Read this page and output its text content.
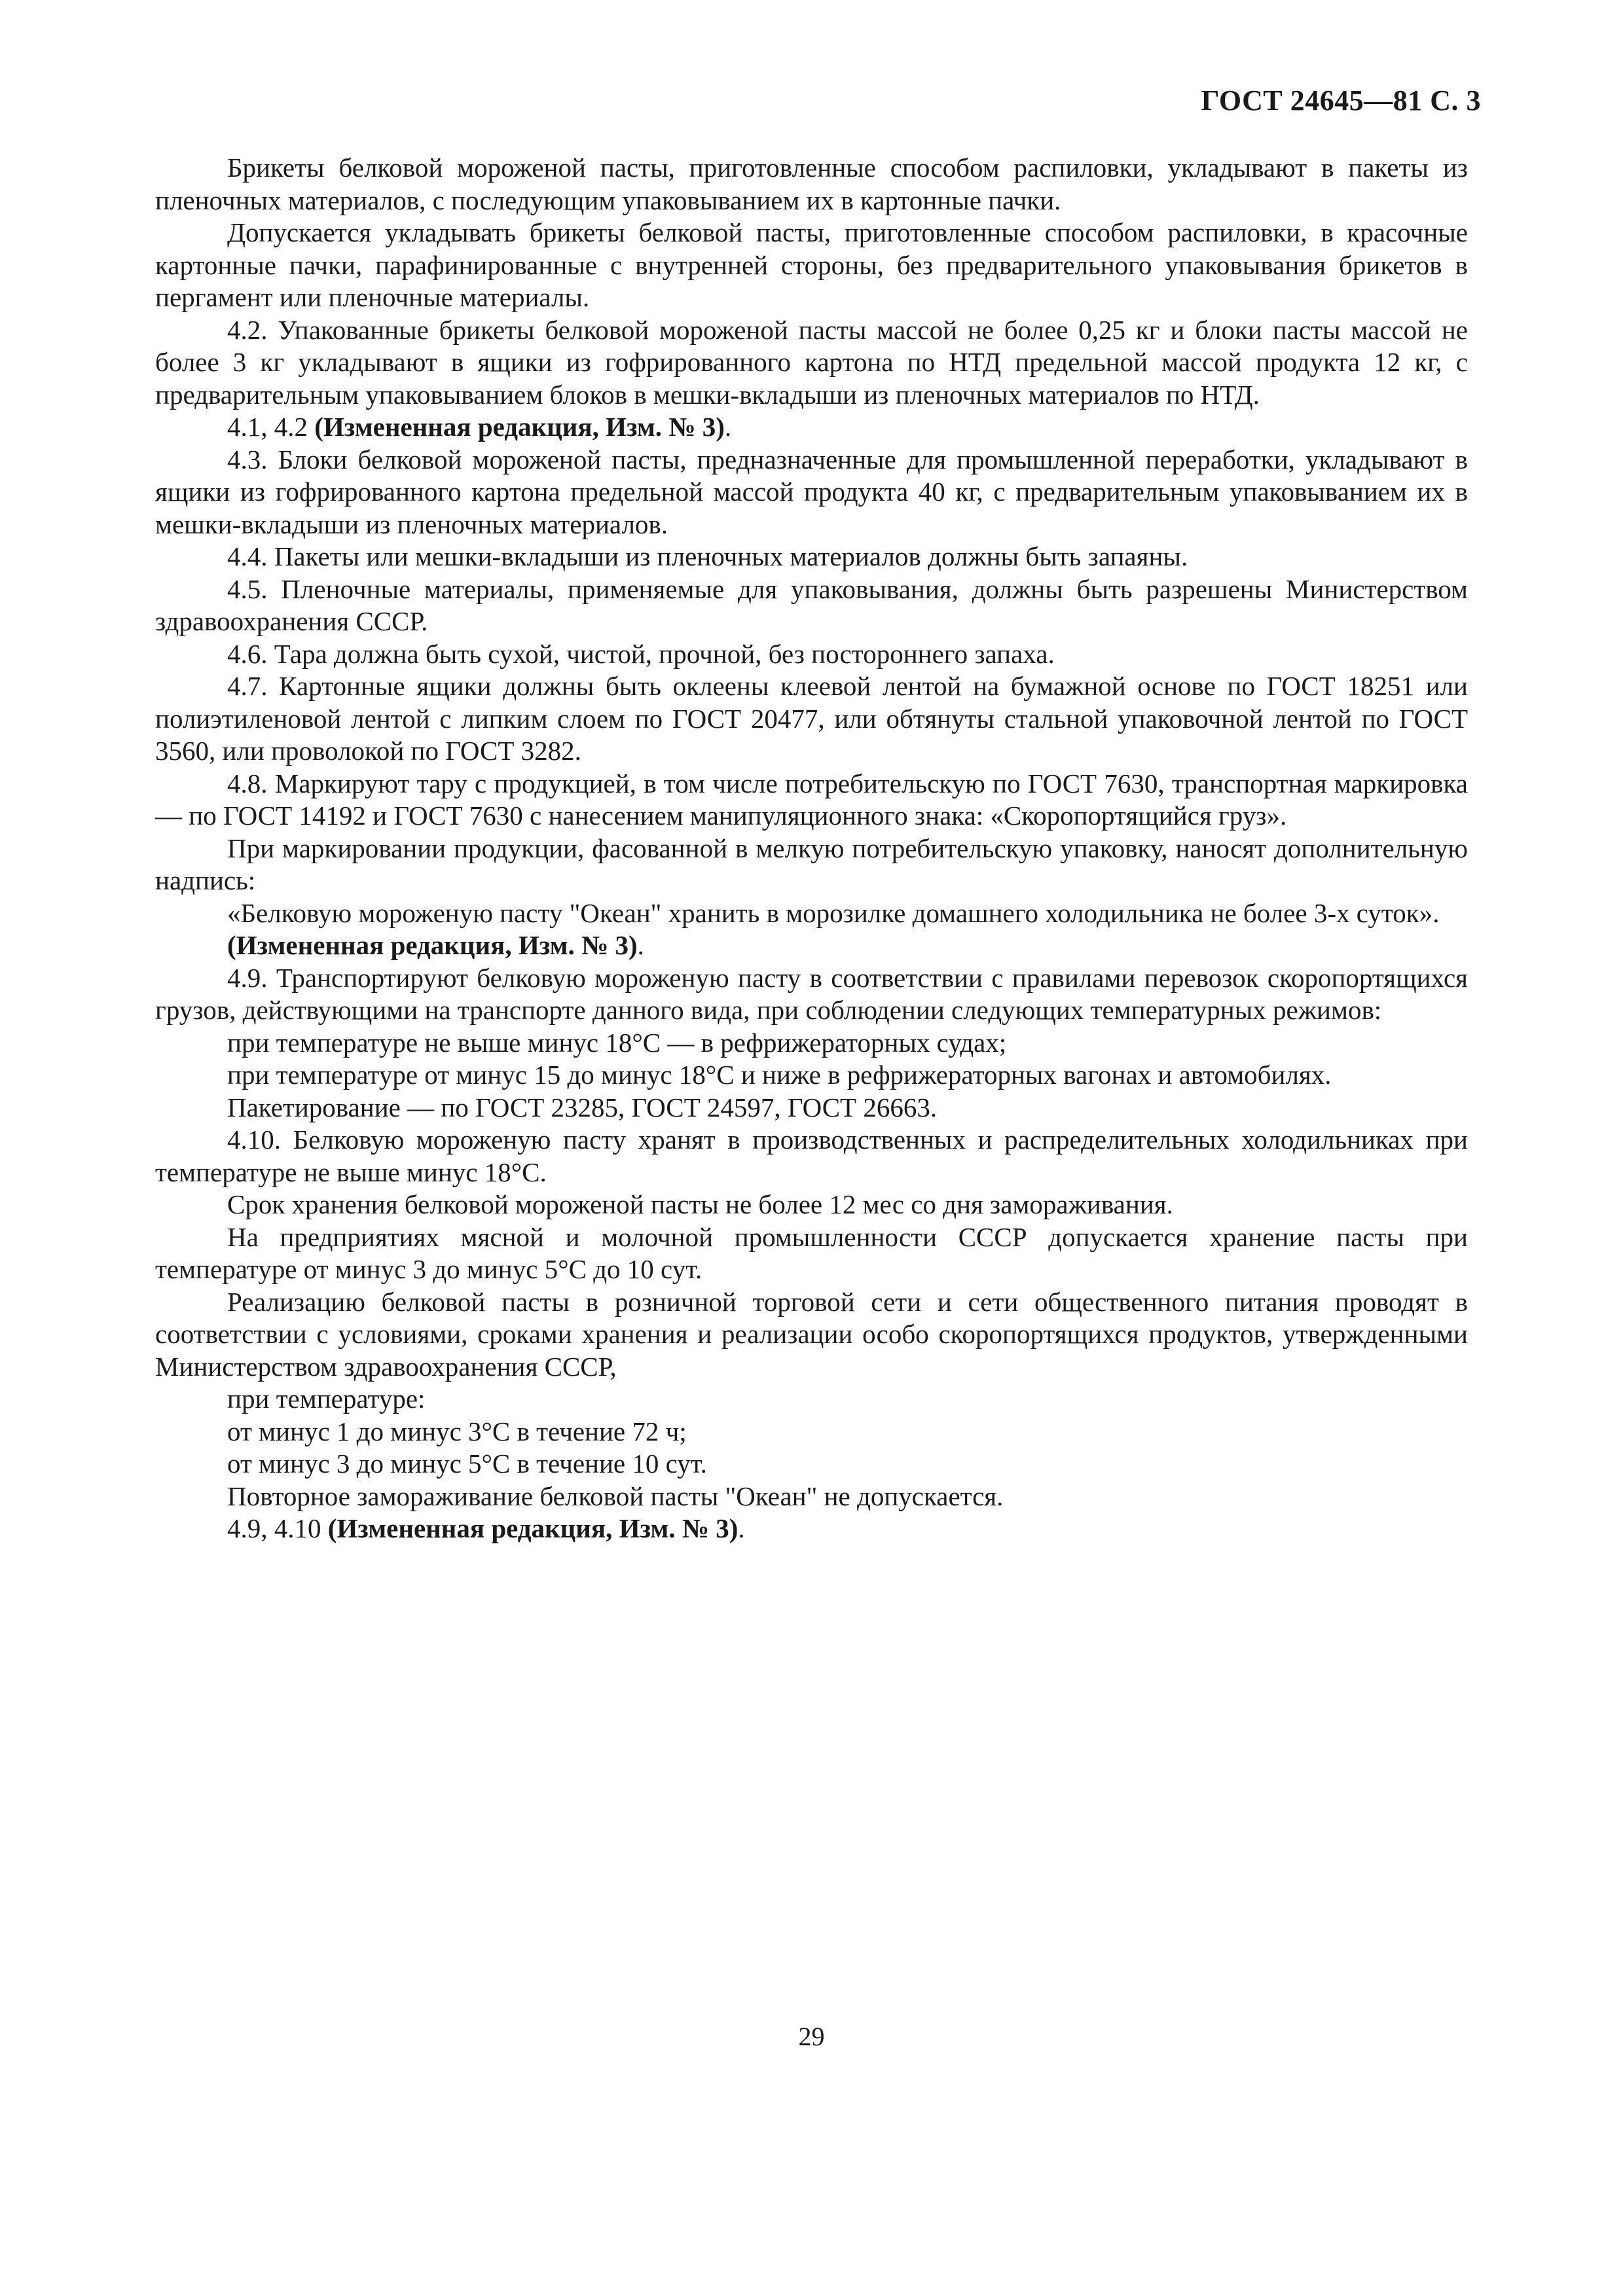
ГОСТ 24645—81 С. 3

Брикеты белковой мороженой пасты, приготовленные способом распиловки, укладывают в пакеты из пленочных материалов, с последующим упаковыванием их в картонные пачки.

Допускается укладывать брикеты белковой пасты, приготовленные способом распиловки, в красочные картонные пачки, парафинированные с внутренней стороны, без предварительного упаковывания брикетов в пергамент или пленочные материалы.

4.2. Упакованные брикеты белковой мороженой пасты массой не более 0,25 кг и блоки пасты массой не более 3 кг укладывают в ящики из гофрированного картона по НТД предельной массой продукта 12 кг, с предварительным упаковыванием блоков в мешки-вкладыши из пленочных материалов по НТД.

4.1, 4.2 (Измененная редакция, Изм. № 3).

4.3. Блоки белковой мороженой пасты, предназначенные для промышленной переработки, укладывают в ящики из гофрированного картона предельной массой продукта 40 кг, с предварительным упаковыванием их в мешки-вкладыши из пленочных материалов.

4.4. Пакеты или мешки-вкладыши из пленочных материалов должны быть запаяны.

4.5. Пленочные материалы, применяемые для упаковывания, должны быть разрешены Министерством здравоохранения СССР.

4.6. Тара должна быть сухой, чистой, прочной, без постороннего запаха.

4.7. Картонные ящики должны быть оклеены клеевой лентой на бумажной основе по ГОСТ 18251 или полиэтиленовой лентой с липким слоем по ГОСТ 20477, или обтянуты стальной упаковочной лентой по ГОСТ 3560, или проволокой по ГОСТ 3282.

4.8. Маркируют тару с продукцией, в том числе потребительскую по ГОСТ 7630, транспортная маркировка — по ГОСТ 14192 и ГОСТ 7630 с нанесением манипуляционного знака: «Скоропортящийся груз».

При маркировании продукции, фасованной в мелкую потребительскую упаковку, наносят дополнительную надпись:

«Белковую мороженую пасту "Океан" хранить в морозилке домашнего холодильника не более 3-х суток».

(Измененная редакция, Изм. № 3).

4.9. Транспортируют белковую мороженую пасту в соответствии с правилами перевозок скоропортящихся грузов, действующими на транспорте данного вида, при соблюдении следующих температурных режимов:

при температуре не выше минус 18°С — в рефрижераторных судах;

при температуре от минус 15 до минус 18°С и ниже в рефрижераторных вагонах и автомобилях.

Пакетирование — по ГОСТ 23285, ГОСТ 24597, ГОСТ 26663.

4.10. Белковую мороженую пасту хранят в производственных и распределительных холодильниках при температуре не выше минус 18°С.

Срок хранения белковой мороженой пасты не более 12 мес со дня замораживания.

На предприятиях мясной и молочной промышленности СССР допускается хранение пасты при температуре от минус 3 до минус 5°С до 10 сут.

Реализацию белковой пасты в розничной торговой сети и сети общественного питания проводят в соответствии с условиями, сроками хранения и реализации особо скоропортящихся продуктов, утвержденными Министерством здравоохранения СССР,

при температуре:

от минус 1 до минус 3°С в течение 72 ч;

от минус 3 до минус 5°С в течение 10 сут.

Повторное замораживание белковой пасты "Океан" не допускается.

4.9, 4.10 (Измененная редакция, Изм. № 3).

29
